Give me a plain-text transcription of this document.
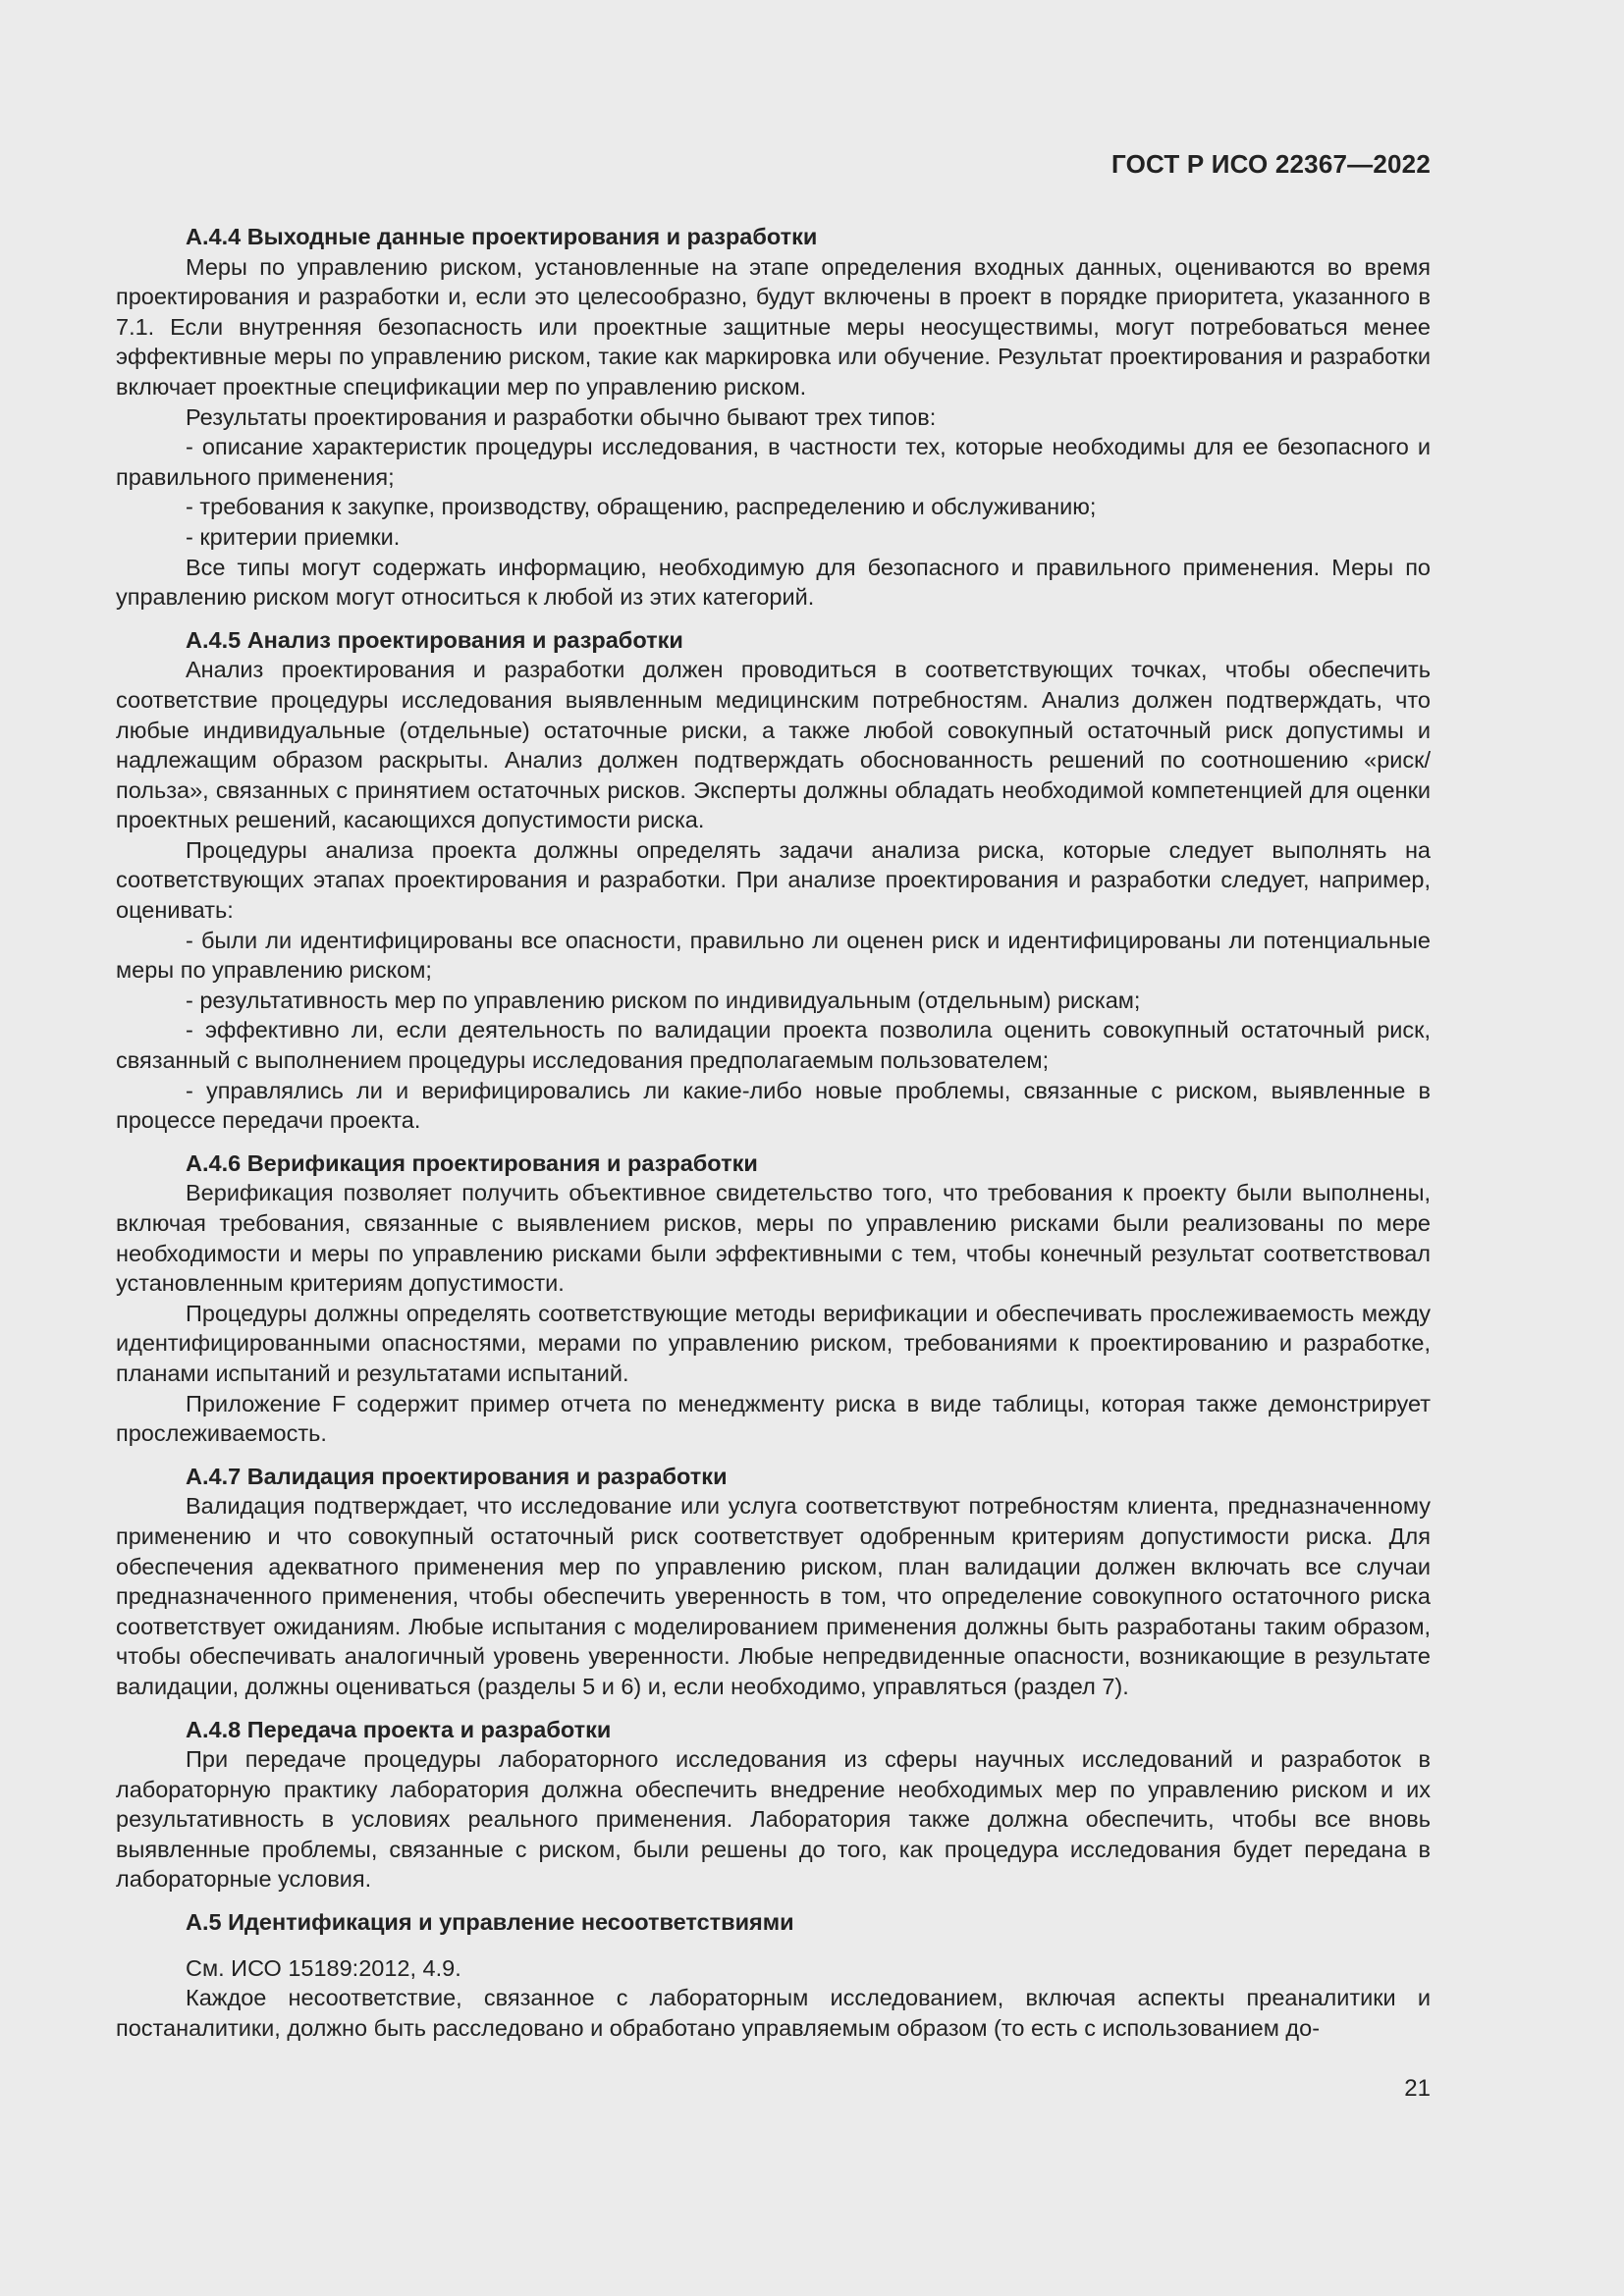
ГОСТ Р ИСО 22367—2022

А.4.4 Выходные данные проектирования и разработки

Меры по управлению риском, установленные на этапе определения входных данных, оцениваются во время проектирования и разработки и, если это целесообразно, будут включены в проект в порядке приоритета, указанного в 7.1. Если внутренняя безопасность или проектные защитные меры неосуществимы, могут потребоваться менее эффективные меры по управлению риском, такие как маркировка или обучение. Результат проектирования и разработки включает проектные спецификации мер по управлению риском.

Результаты проектирования и разработки обычно бывают трех типов:

- описание характеристик процедуры исследования, в частности тех, которые необходимы для ее безопасного и правильного применения;

- требования к закупке, производству, обращению, распределению и обслуживанию;

- критерии приемки.

Все типы могут содержать информацию, необходимую для безопасного и правильного применения. Меры по управлению риском могут относиться к любой из этих категорий.

А.4.5 Анализ проектирования и разработки

Анализ проектирования и разработки должен проводиться в соответствующих точках, чтобы обеспечить соответствие процедуры исследования выявленным медицинским потребностям. Анализ должен подтверждать, что любые индивидуальные (отдельные) остаточные риски, а также любой совокупный остаточный риск допустимы и надлежащим образом раскрыты. Анализ должен подтверждать обоснованность решений по соотношению «риск/польза», связанных с принятием остаточных рисков. Эксперты должны обладать необходимой компетенцией для оценки проектных решений, касающихся допустимости риска.

Процедуры анализа проекта должны определять задачи анализа риска, которые следует выполнять на соответствующих этапах проектирования и разработки. При анализе проектирования и разработки следует, например, оценивать:

- были ли идентифицированы все опасности, правильно ли оценен риск и идентифицированы ли потенциальные меры по управлению риском;

- результативность мер по управлению риском по индивидуальным (отдельным) рискам;

- эффективно ли, если деятельность по валидации проекта позволила оценить совокупный остаточный риск, связанный с выполнением процедуры исследования предполагаемым пользователем;

- управлялись ли и верифицировались ли какие-либо новые проблемы, связанные с риском, выявленные в процессе передачи проекта.

А.4.6 Верификация проектирования и разработки

Верификация позволяет получить объективное свидетельство того, что требования к проекту были выполнены, включая требования, связанные с выявлением рисков, меры по управлению рисками были реализованы по мере необходимости и меры по управлению рисками были эффективными с тем, чтобы конечный результат соответствовал установленным критериям допустимости.

Процедуры должны определять соответствующие методы верификации и обеспечивать прослеживаемость между идентифицированными опасностями, мерами по управлению риском, требованиями к проектированию и разработке, планами испытаний и результатами испытаний.

Приложение F содержит пример отчета по менеджменту риска в виде таблицы, которая также демонстрирует прослеживаемость.

А.4.7 Валидация проектирования и разработки

Валидация подтверждает, что исследование или услуга соответствуют потребностям клиента, предназначенному применению и что совокупный остаточный риск соответствует одобренным критериям допустимости риска. Для обеспечения адекватного применения мер по управлению риском, план валидации должен включать все случаи предназначенного применения, чтобы обеспечить уверенность в том, что определение совокупного остаточного риска соответствует ожиданиям. Любые испытания с моделированием применения должны быть разработаны таким образом, чтобы обеспечивать аналогичный уровень уверенности. Любые непредвиденные опасности, возникающие в результате валидации, должны оцениваться (разделы 5 и 6) и, если необходимо, управляться (раздел 7).

А.4.8 Передача проекта и разработки

При передаче процедуры лабораторного исследования из сферы научных исследований и разработок в лабораторную практику лаборатория должна обеспечить внедрение необходимых мер по управлению риском и их результативность в условиях реального применения. Лаборатория также должна обеспечить, чтобы все вновь выявленные проблемы, связанные с риском, были решены до того, как процедура исследования будет передана в лабораторные условия.

А.5 Идентификация и управление несоответствиями

См. ИСО 15189:2012, 4.9.

Каждое несоответствие, связанное с лабораторным исследованием, включая аспекты преаналитики и постаналитики, должно быть расследовано и обработано управляемым образом (то есть с использованием до-

21
